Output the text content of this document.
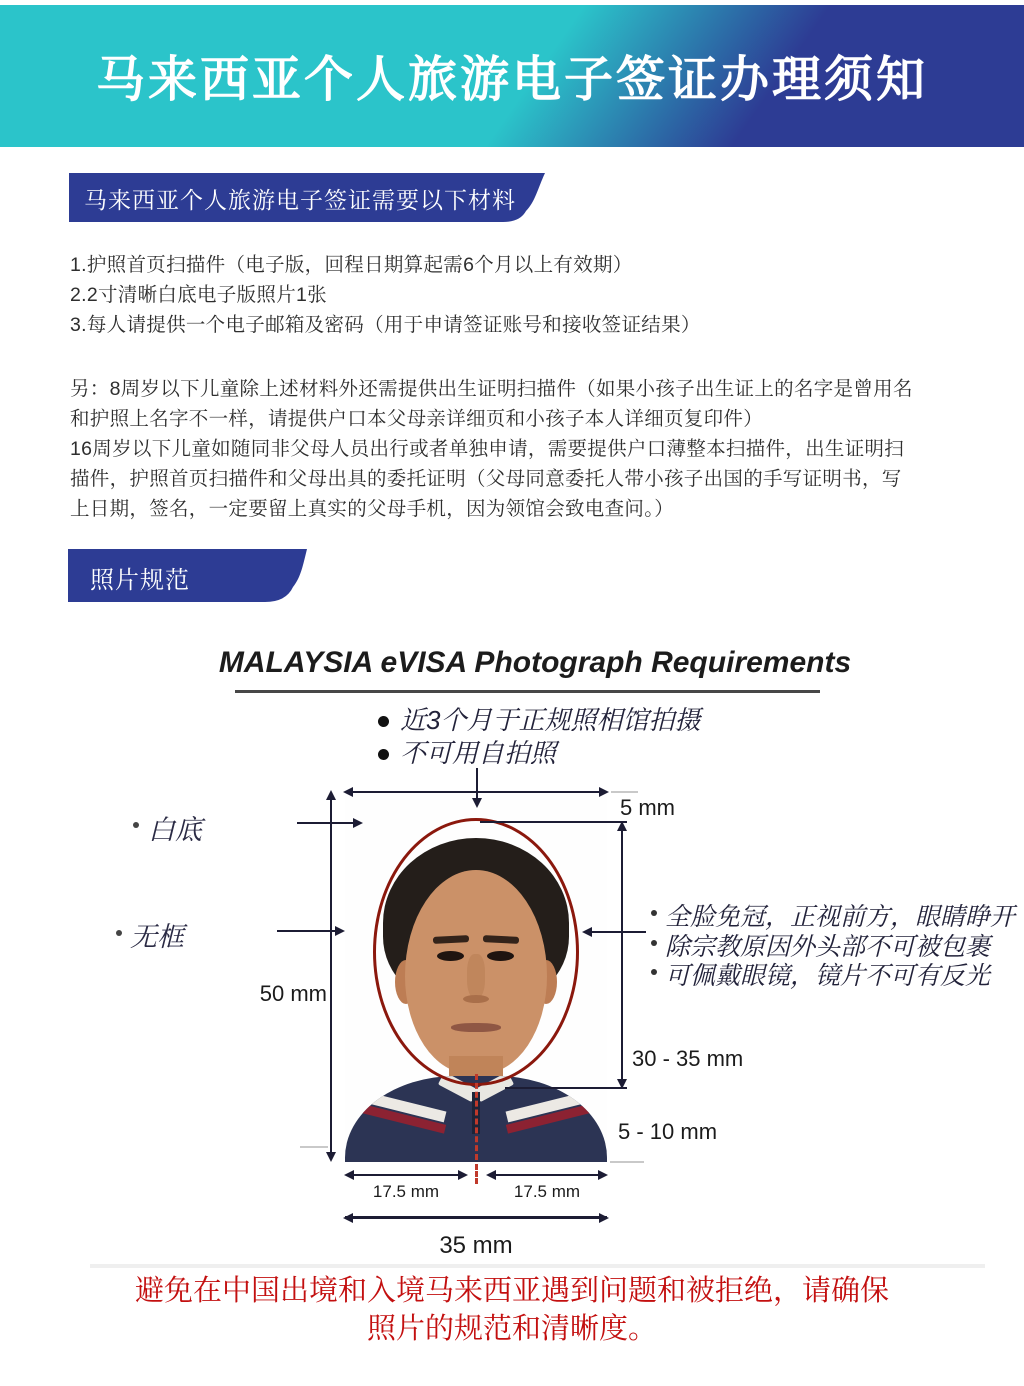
马来西亚个人旅游电子签证办理须知
马来西亚个人旅游电子签证需要以下材料
1.护照首页扫描件（电子版，回程日期算起需6个月以上有效期）
2.2寸清晰白底电子版照片1张
3.每人请提供一个电子邮箱及密码（用于申请签证账号和接收签证结果）
另：8周岁以下儿童除上述材料外还需提供出生证明扫描件（如果小孩子出生证上的名字是曾用名
和护照上名字不一样，请提供户口本父母亲详细页和小孩子本人详细页复印件）
16周岁以下儿童如随同非父母人员出行或者单独申请，需要提供户口薄整本扫描件，出生证明扫
描件，护照首页扫描件和父母出具的委托证明（父母同意委托人带小孩子出国的手写证明书，写
上日期，签名，一定要留上真实的父母手机，因为领馆会致电查问。）
照片规范
MALAYSIA eVISA Photograph Requirements
近3个月于正规照相馆拍摄
不可用自拍照
5 mm
30 - 35 mm
5 - 10 mm
50 mm
白底
无框
全脸免冠，正视前方，眼睛睁开
除宗教原因外头部不可被包裹
可佩戴眼镜，镜片不可有反光
17.5 mm	17.5 mm
35 mm
避免在中国出境和入境马来西亚遇到问题和被拒绝，请确保
照片的规范和清晰度。
